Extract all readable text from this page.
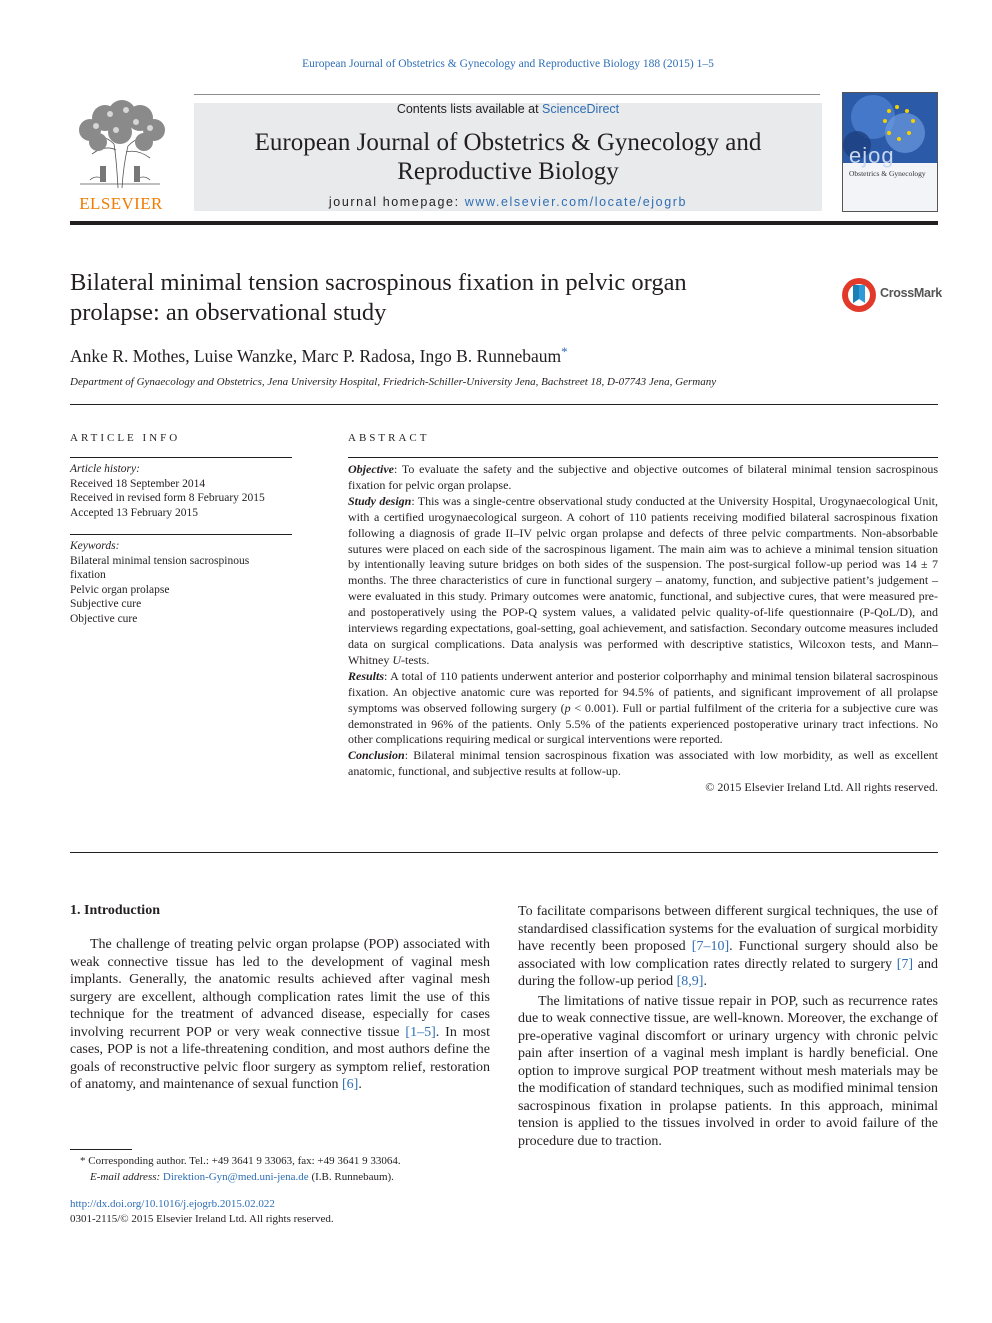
European Journal of Obstetrics & Gynecology and Reproductive Biology 188 (2015) 1–5
ELSEVIER
Contents lists available at ScienceDirect
European Journal of Obstetrics & Gynecology and
Reproductive Biology
journal homepage: www.elsevier.com/locate/ejogrb
ejog
Obstetrics & Gynecology
Bilateral minimal tension sacrospinous fixation in pelvic organ
prolapse: an observational study
CrossMark
Anke R. Mothes, Luise Wanzke, Marc P. Radosa, Ingo B. Runnebaum*
Department of Gynaecology and Obstetrics, Jena University Hospital, Friedrich-Schiller-University Jena, Bachstreet 18, D-07743 Jena, Germany
ARTICLE INFO
Article history:
Received 18 September 2014
Received in revised form 8 February 2015
Accepted 13 February 2015
Keywords:
Bilateral minimal tension sacrospinous
fixation
Pelvic organ prolapse
Subjective cure
Objective cure
ABSTRACT

Objective: To evaluate the safety and the subjective and objective outcomes of bilateral minimal tension sacrospinous fixation for pelvic organ prolapse.

Study design: This was a single-centre observational study conducted at the University Hospital, Urogynaecological Unit, with a certified urogynaecological surgeon. A cohort of 110 patients receiving modified bilateral sacrospinous fixation following a diagnosis of grade II–IV pelvic organ prolapse and defects of three pelvic compartments. Non-absorbable sutures were placed on each side of the sacrospinous ligament. The main aim was to achieve a minimal tension situation by intentionally leaving suture bridges on both sides of the suspension. The post-surgical follow-up period was 14 ± 7 months. The three characteristics of cure in functional surgery – anatomy, function, and subjective patient’s judgement – were evaluated in this study. Primary outcomes were anatomic, functional, and subjective cures, that were measured pre- and postoperatively using the POP-Q system values, a validated pelvic quality-of-life questionnaire (P-QoL/D), and interviews regarding expectations, goal-setting, goal achievement, and satisfaction. Secondary outcome measures included data on surgical complications. Data analysis was performed with descriptive statistics, Wilcoxon tests, and Mann–Whitney U-tests.

Results: A total of 110 patients underwent anterior and posterior colporrhaphy and minimal tension bilateral sacrospinous fixation. An objective anatomic cure was reported for 94.5% of patients, and significant improvement of all prolapse symptoms was observed following surgery (p < 0.001). Full or partial fulfilment of the criteria for a subjective cure was demonstrated in 96% of the patients. Only 5.5% of the patients experienced postoperative urinary tract infections. No other complications requiring medical or surgical interventions were reported.

Conclusion: Bilateral minimal tension sacrospinous fixation was associated with low morbidity, as well as excellent anatomic, functional, and subjective results at follow-up.

© 2015 Elsevier Ireland Ltd. All rights reserved.

1. Introduction

The challenge of treating pelvic organ prolapse (POP) associated with weak connective tissue has led to the development of vaginal mesh implants. Generally, the anatomic results achieved after vaginal mesh surgery are excellent, although complication rates limit the use of this technique for the treatment of advanced disease, especially for cases involving recurrent POP or very weak connective tissue [1–5]. In most cases, POP is not a life-threatening condition, and most authors define the goals of reconstructive pelvic floor surgery as symptom relief, restoration of anatomy, and maintenance of sexual function [6].

To facilitate comparisons between different surgical techniques, the use of standardised classification systems for the evaluation of surgical morbidity have recently been proposed [7–10]. Functional surgery should also be associated with low complication rates directly related to surgery [7] and during the follow-up period [8,9].

The limitations of native tissue repair in POP, such as recurrence rates due to weak connective tissue, are well-known. Moreover, the exchange of pre-operative vaginal discomfort or urinary urgency with chronic pelvic pain after insertion of a vaginal mesh implant is hardly beneficial. One option to improve surgical POP treatment without mesh materials may be the modification of standard techniques, such as modified minimal tension sacrospinous fixation in prolapse patients. In this approach, minimal tension is applied to the tissues involved in order to avoid failure of the procedure due to traction.

* Corresponding author. Tel.: +49 3641 9 33063, fax: +49 3641 9 33064.
E-mail address: Direktion-Gyn@med.uni-jena.de (I.B. Runnebaum).
http://dx.doi.org/10.1016/j.ejogrb.2015.02.022
0301-2115/© 2015 Elsevier Ireland Ltd. All rights reserved.
